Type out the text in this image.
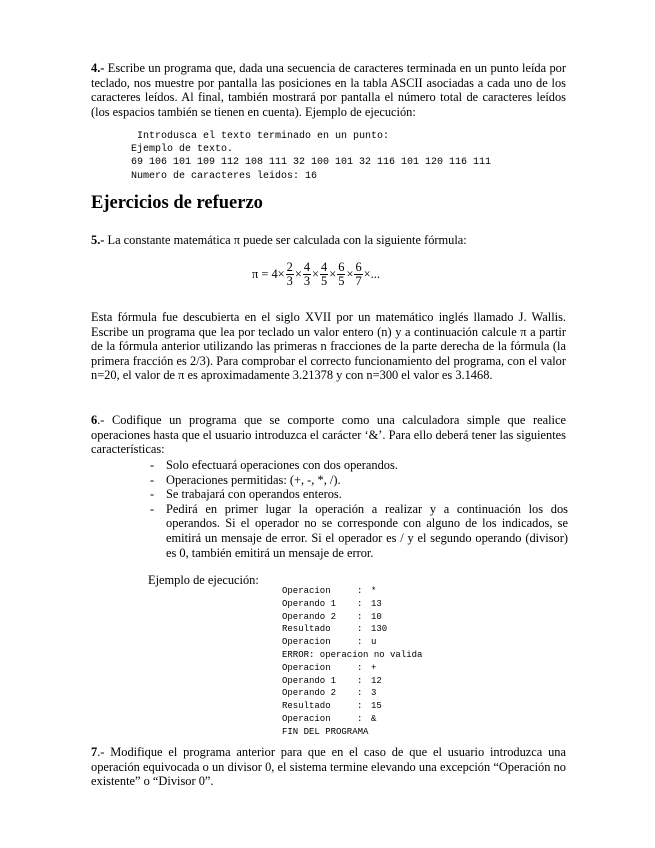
4.- Escribe un programa que, dada una secuencia de caracteres terminada en un punto leída por teclado, nos muestre por pantalla las posiciones en la tabla ASCII asociadas a cada uno de los caracteres leídos. Al final, también mostrará por pantalla el número total de caracteres leídos (los espacios también se tienen en cuenta). Ejemplo de ejecución:

Introdusca el texto terminado en un punto:
Ejemplo de texto.
69 106 101 109 112 108 111 32 100 101 32 116 101 120 116 111
Numero de caracteres leidos: 16
Ejercicios de refuerzo

5.- La constante matemática π puede ser calculada con la siguiente fórmula:

$\pi = 4\times \frac{2}{3} \times \frac{4}{3} \times \frac{4}{5} \times \frac{6}{5} \times \frac{6}{7}$ ×...

Esta fórmula fue descubierta en el siglo XVII por un matemático inglés llamado J. Wallis. Escribe un programa que lea por teclado un valor entero (n) y a continuación calcule π a partir de la fórmula anterior utilizando las primeras n fracciones de la parte derecha de la fórmula (la primera fracción es 2/3). Para comprobar el correcto funcionamiento del programa, con el valor n=20, el valor de π es aproximadamente 3.21378 y con n=300 el valor es 3.1468.

6.- Codifique un programa que se comporte como una calculadora simple que realice operaciones hasta que el usuario introduzca el carácter ‘&’. Para ello deberá tener las siguientes características:

- Solo efectuará operaciones con dos operandos.
- Operaciones permitidas: (+, -, *, /).
- Se trabajará con operandos enteros.
- Pedirá en primer lugar la operación a realizar y a continuación los dos operandos. Si el operador no se corresponde con alguno de los indicados, se emitirá un mensaje de error. Si el operador es / y el segundo operando (divisor) es 0, también emitirá un mensaje de error.
Ejemplo de ejecución:
Operacion	:	*
Operando 1	:	13
Operando 2	:	10
Resultado	:	130
Operacion	:	u
ERROR: operacion no valida		
Operacion	:	+
Operando 1	:	12
Operando 2	:	3
Resultado	:	15
Operacion	:	&
FIN DEL PROGRAMA		

7.- Modifique el programa anterior para que en el caso de que el usuario introduzca una operación equivocada o un divisor 0, el sistema termine elevando una excepción “Operación no existente” o “Divisor 0”.
